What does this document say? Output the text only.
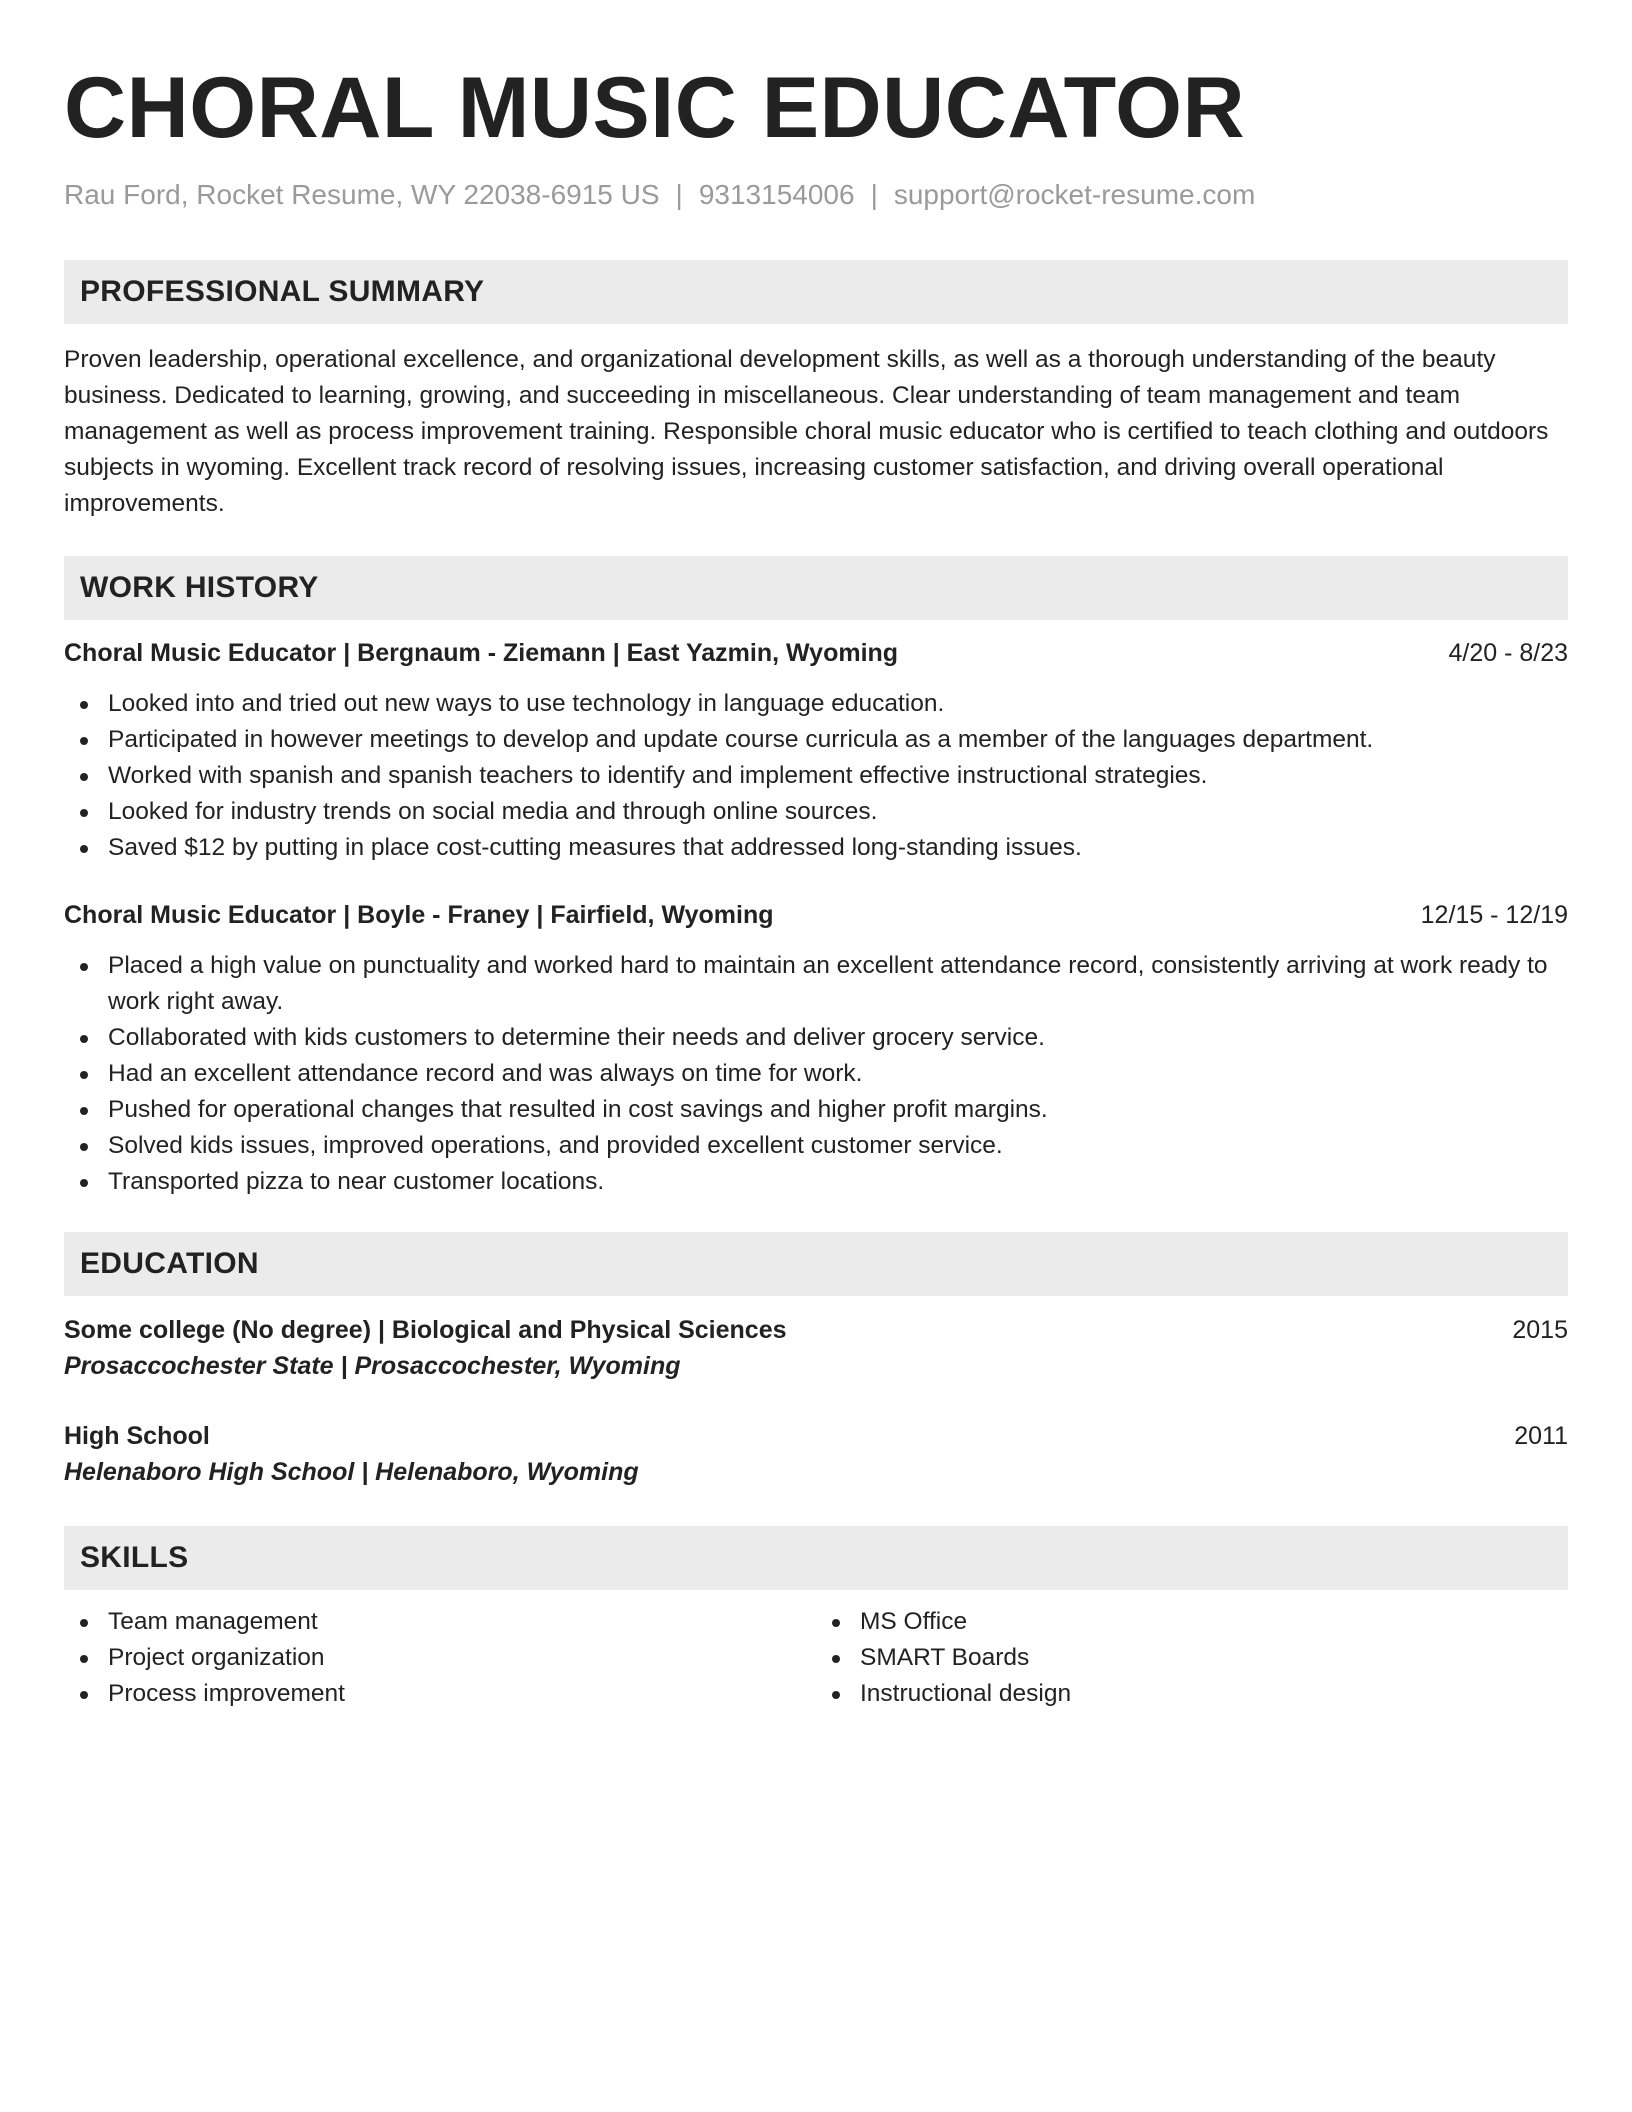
CHORAL MUSIC EDUCATOR
Rau Ford, Rocket Resume, WY 22038-6915 US | 9313154006 | support@rocket-resume.com
PROFESSIONAL SUMMARY

Proven leadership, operational excellence, and organizational development skills, as well as a thorough understanding of the beauty business. Dedicated to learning, growing, and succeeding in miscellaneous. Clear understanding of team management and team management as well as process improvement training. Responsible choral music educator who is certified to teach clothing and outdoors subjects in wyoming. Excellent track record of resolving issues, increasing customer satisfaction, and driving overall operational improvements.

WORK HISTORY
Choral Music Educator | Bergnaum - Ziemann | East Yazmin, Wyoming	4/20 - 8/23
Looked into and tried out new ways to use technology in language education.
Participated in however meetings to develop and update course curricula as a member of the languages department.
Worked with spanish and spanish teachers to identify and implement effective instructional strategies.
Looked for industry trends on social media and through online sources.
Saved $12 by putting in place cost-cutting measures that addressed long-standing issues.
Choral Music Educator | Boyle - Franey | Fairfield, Wyoming	12/15 - 12/19
Placed a high value on punctuality and worked hard to maintain an excellent attendance record, consistently arriving at work ready to work right away.
Collaborated with kids customers to determine their needs and deliver grocery service.
Had an excellent attendance record and was always on time for work.
Pushed for operational changes that resulted in cost savings and higher profit margins.
Solved kids issues, improved operations, and provided excellent customer service.
Transported pizza to near customer locations.
EDUCATION
Some college (No degree) | Biological and Physical Sciences	2015
Prosaccochester State | Prosaccochester, Wyoming
High School	2011
Helenaboro High School | Helenaboro, Wyoming
SKILLS
Team management
Project organization
Process improvement
MS Office
SMART Boards
Instructional design
